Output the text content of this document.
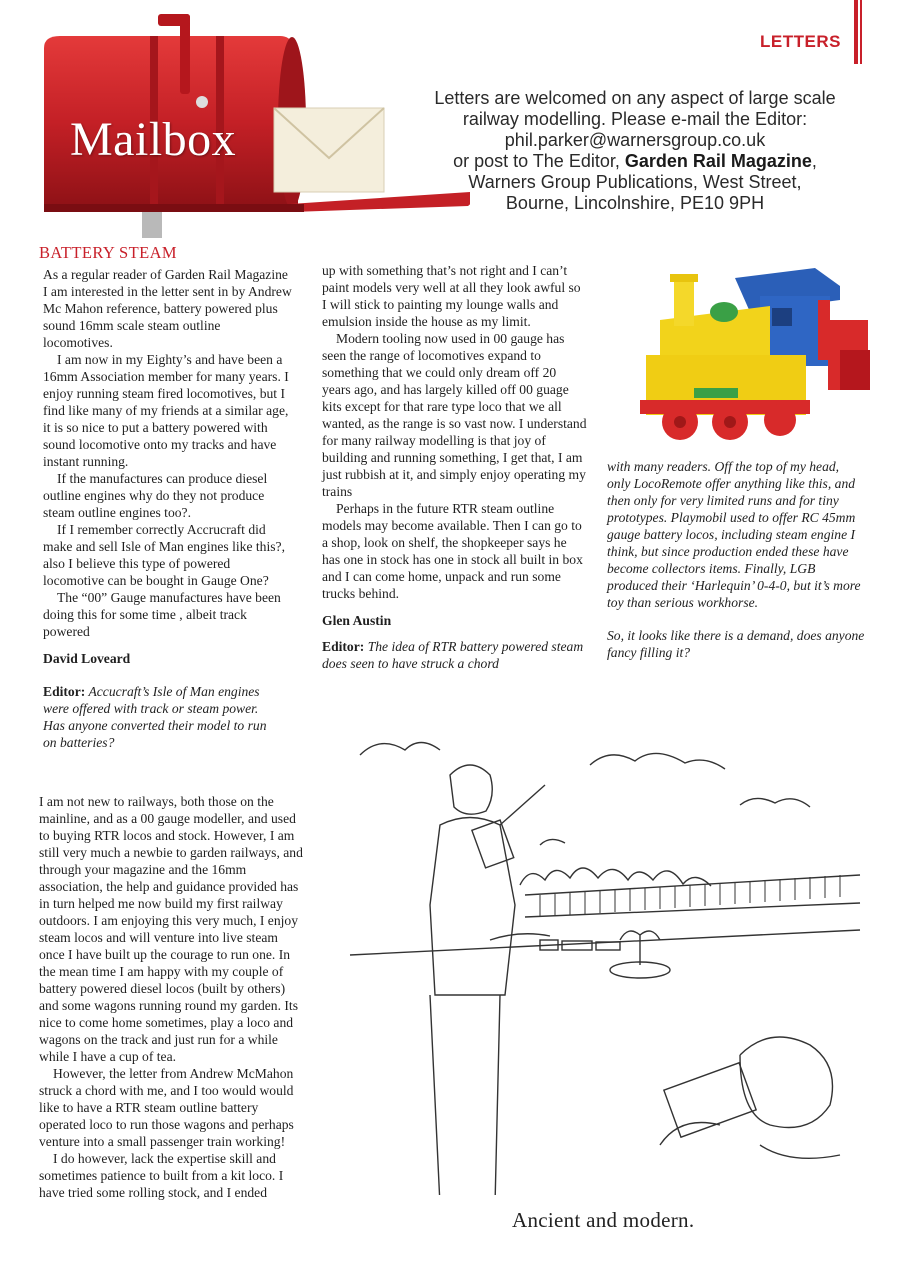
LETTERS
Mailbox
Letters are welcomed on any aspect of large scale
railway modelling. Please e-mail the Editor:
phil.parker@warnersgroup.co.uk
or post to The Editor, Garden Rail Magazine,
Warners Group Publications, West Street,
Bourne, Lincolnshire, PE10 9PH
BATTERY STEAM

As a regular reader of Garden Rail Magazine I am interested in the letter sent in by Andrew Mc Mahon reference, battery powered plus sound 16mm scale steam outline locomotives.

I am now in my Eighty’s and have been a 16mm Association member for many years. I enjoy running steam fired locomotives, but I find like many of my friends at a similar age, it is so nice to put a battery powered with sound locomotive onto my tracks and have instant running.

If the manufactures can produce diesel outline engines why do they not produce steam outline engines too?.

If I remember correctly Accrucraft did make and sell Isle of Man engines like this?, also I believe this type of powered locomotive can be bought in Gauge One?

The “00” Gauge manufactures have been doing this for some time , albeit track powered

David Loveard

Editor: Accucraft’s Isle of Man engines were offered with track or steam power. Has anyone converted their model to run on batteries?

I am not new to railways, both those on the mainline, and as a 00 gauge modeller, and used to buying RTR locos and stock. However, I am still very much a newbie to garden railways, and through your magazine and the 16mm association, the help and guidance provided has in turn helped me now build my first railway outdoors. I am enjoying this very much, I enjoy steam locos and will venture into live steam once I have built up the courage to run one. In the mean time I am happy with my couple of battery powered diesel locos (built by others) and some wagons running round my garden. Its nice to come home sometimes, play a loco and wagons on the track and just run for a while while I have a cup of tea.

However, the letter from Andrew McMahon struck a chord with me, and I too would would like to have a RTR steam outline battery operated loco to run those wagons and perhaps venture into a small passenger train working!

I do however, lack the expertise skill and sometimes patience to built from a kit loco. I have tried some rolling stock, and I ended

up with something that’s not right and I can’t paint models very well at all they look awful so I will stick to painting my lounge walls and emulsion inside the house as my limit.

Modern tooling now used in 00 gauge has seen the range of locomotives expand to something that we could only dream off 20 years ago, and has largely killed off 00 guage kits except for that rare type loco that we all wanted, as the range is so vast now. I understand for many railway modelling is that joy of building and running something, I get that, I am just rubbish at it, and simply enjoy operating my trains

Perhaps in the future RTR steam outline models may become available. Then I can go to a shop, look on shelf, the shopkeeper says he has one in stock has one in stock all built in box and I can come home, unpack and run some trucks behind.

Glen Austin

Editor: The idea of RTR battery powered steam does seen to have struck a chord

with many readers. Off the top of my head, only LocoRemote offer anything like this, and then only for very limited runs and for tiny prototypes. Playmobil used to offer RC 45mm gauge battery locos, including steam engine I think, but since production ended these have become collectors items. Finally, LGB produced their ‘Harlequin’ 0-4-0, but it’s more toy than serious workhorse.

So, it looks like there is a demand, does anyone fancy filling it?

Ancient and modern.
